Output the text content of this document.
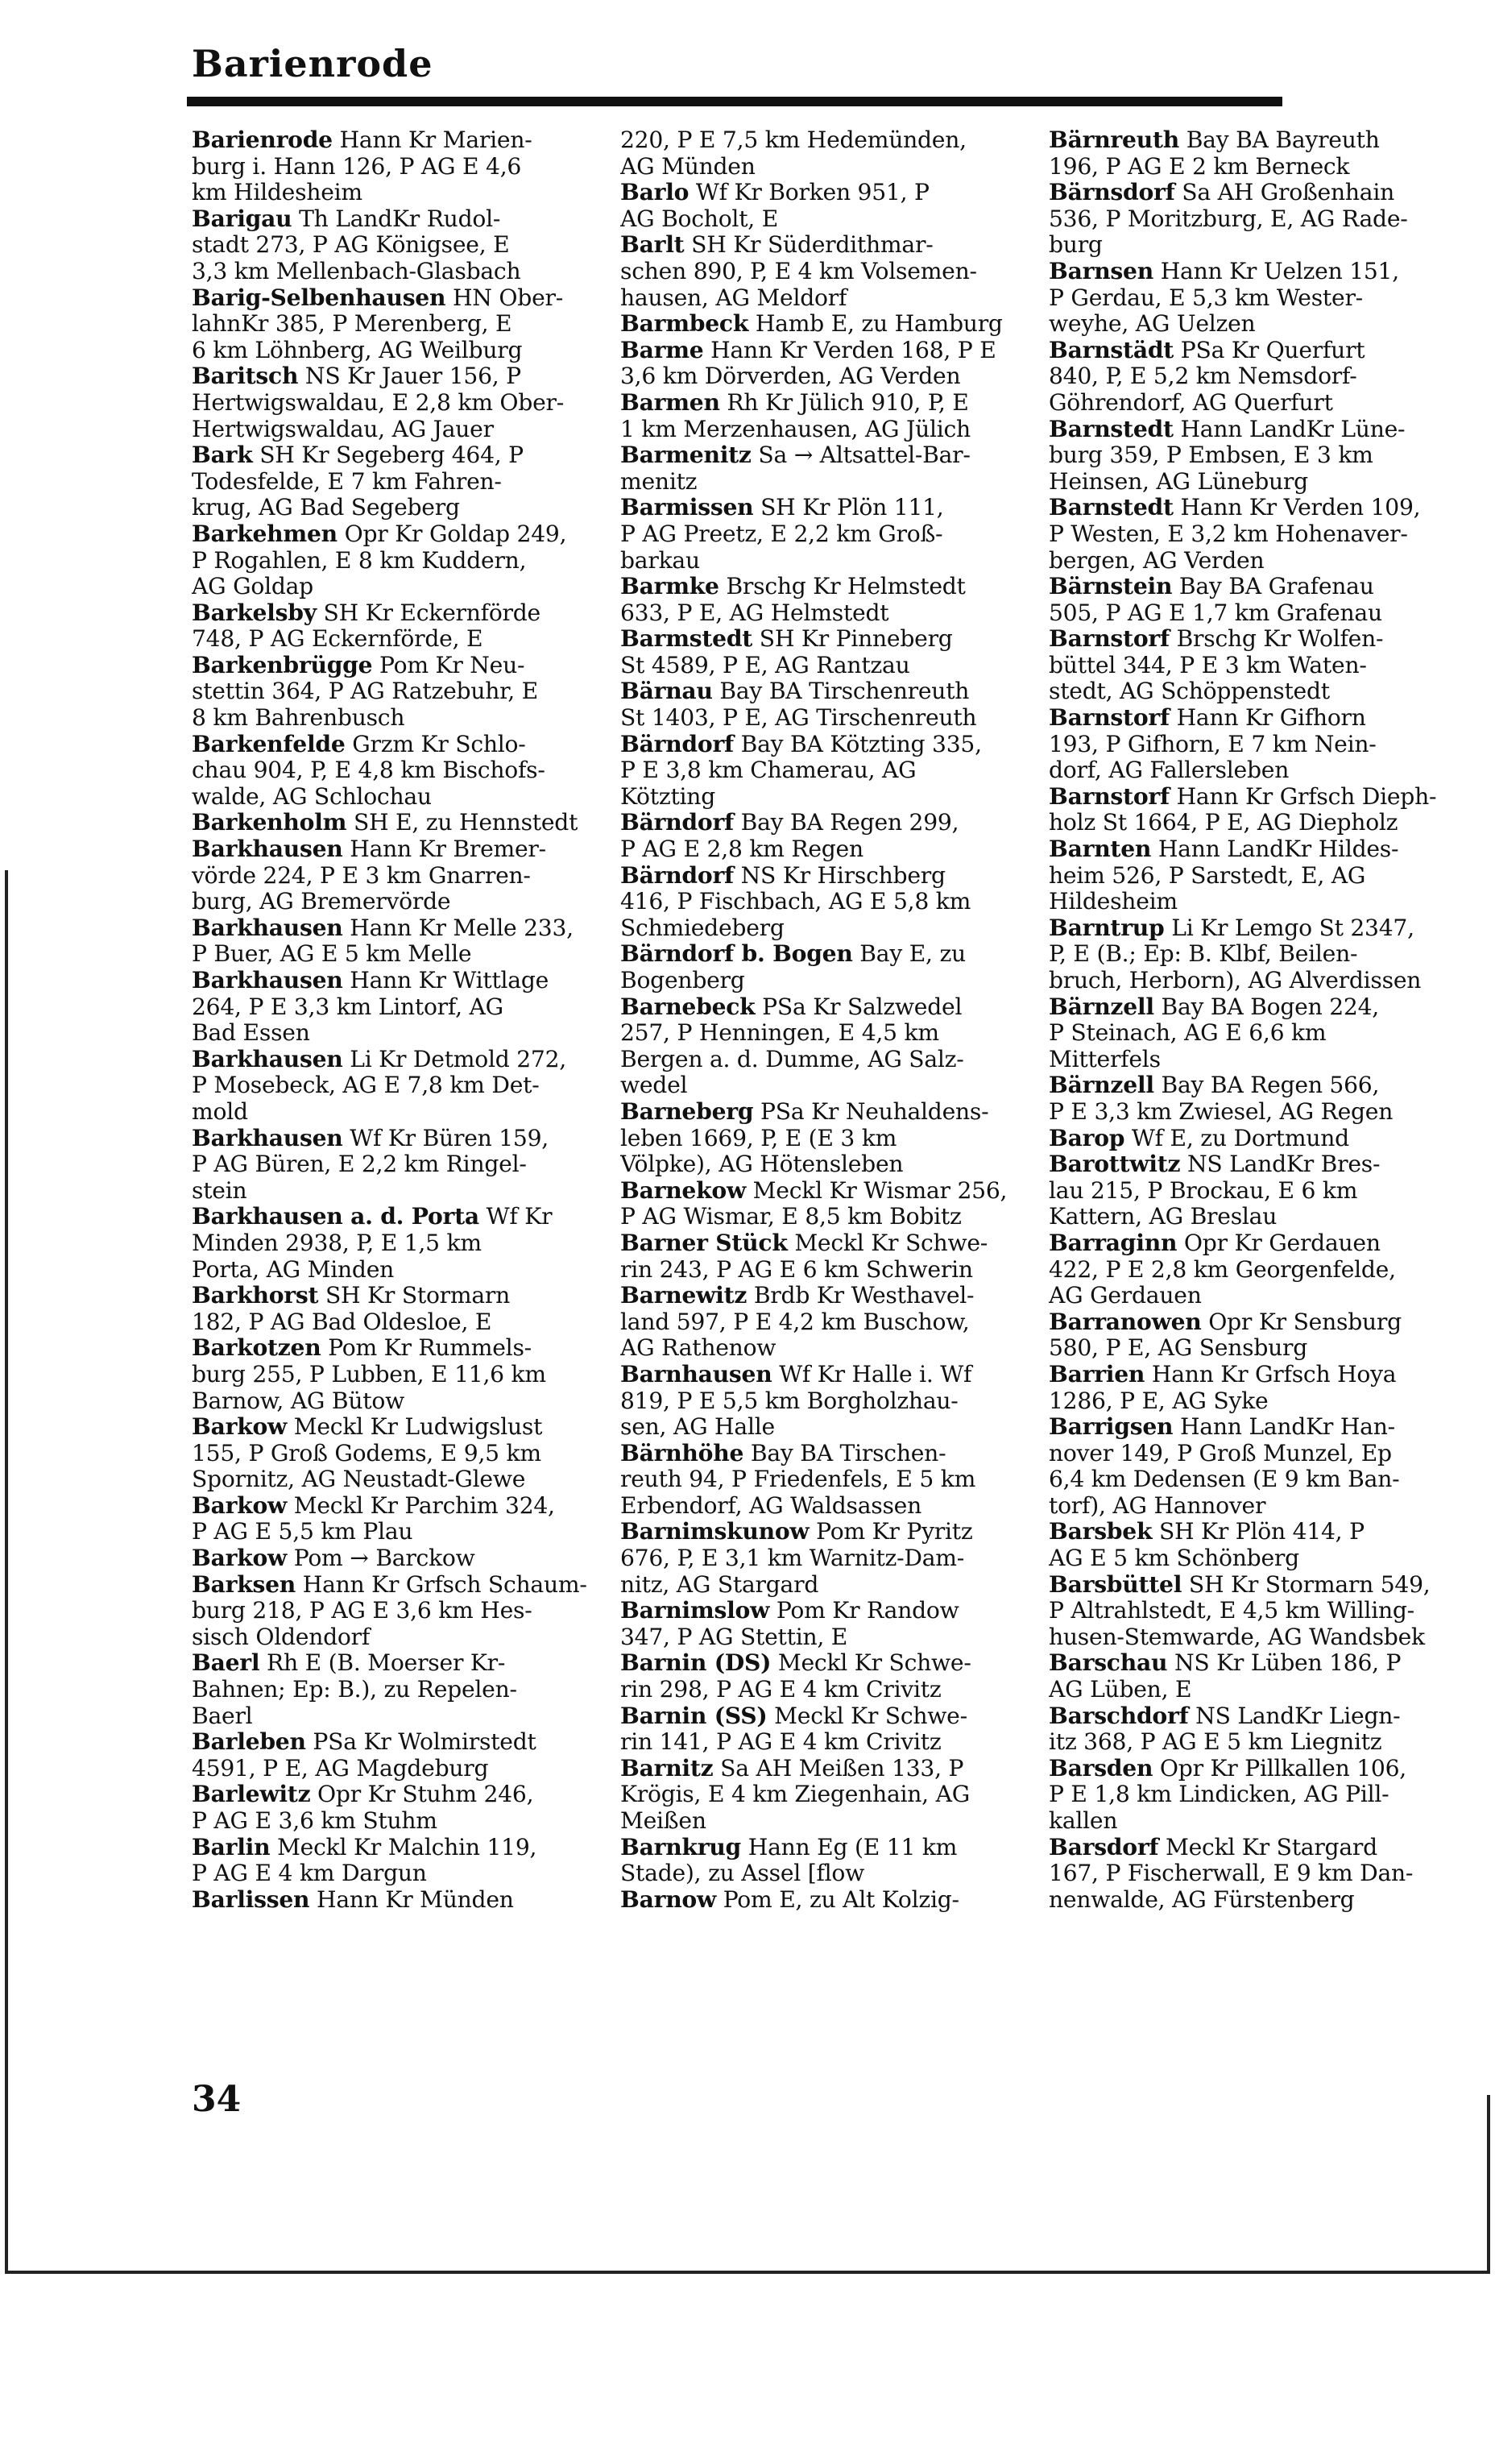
Barienrode
Barienrode Hann Kr Marien-
burg i. Hann 126, P AG E 4,6
km Hildesheim
Barigau Th LandKr Rudol-
stadt 273, P AG Königsee, E
3,3 km Mellenbach-Glasbach
Barig-Selbenhausen HN Ober-
lahnKr 385, P Merenberg, E
6 km Löhnberg, AG Weilburg
Baritsch NS Kr Jauer 156, P
Hertwigswaldau, E 2,8 km Ober-
Hertwigswaldau, AG Jauer
Bark SH Kr Segeberg 464, P
Todesfelde, E 7 km Fahren-
krug, AG Bad Segeberg
Barkehmen Opr Kr Goldap 249,
P Rogahlen, E 8 km Kuddern,
AG Goldap
Barkelsby SH Kr Eckernförde
748, P AG Eckernförde, E
Barkenbrügge Pom Kr Neu-
stettin 364, P AG Ratzebuhr, E
8 km Bahrenbusch
Barkenfelde Grzm Kr Schlo-
chau 904, P, E 4,8 km Bischofs-
walde, AG Schlochau
Barkenholm SH E, zu Hennstedt
Barkhausen Hann Kr Bremer-
vörde 224, P E 3 km Gnarren-
burg, AG Bremervörde
Barkhausen Hann Kr Melle 233,
P Buer, AG E 5 km Melle
Barkhausen Hann Kr Wittlage
264, P E 3,3 km Lintorf, AG
Bad Essen
Barkhausen Li Kr Detmold 272,
P Mosebeck, AG E 7,8 km Det-
mold
Barkhausen Wf Kr Büren 159,
P AG Büren, E 2,2 km Ringel-
stein
Barkhausen a. d. Porta Wf Kr
Minden 2938, P, E 1,5 km
Porta, AG Minden
Barkhorst SH Kr Stormarn
182, P AG Bad Oldesloe, E
Barkotzen Pom Kr Rummels-
burg 255, P Lubben, E 11,6 km
Barnow, AG Bütow
Barkow Meckl Kr Ludwigslust
155, P Groß Godems, E 9,5 km
Spornitz, AG Neustadt-Glewe
Barkow Meckl Kr Parchim 324,
P AG E 5,5 km Plau
Barkow Pom → Barckow
Barksen Hann Kr Grfsch Schaum-
burg 218, P AG E 3,6 km Hes-
sisch Oldendorf
Baerl Rh E (B. Moerser Kr-
Bahnen; Ep: B.), zu Repelen-
Baerl
Barleben PSa Kr Wolmirstedt
4591, P E, AG Magdeburg
Barlewitz Opr Kr Stuhm 246,
P AG E 3,6 km Stuhm
Barlin Meckl Kr Malchin 119,
P AG E 4 km Dargun
Barlissen Hann Kr Münden
220, P E 7,5 km Hedemünden,
AG Münden
Barlo Wf Kr Borken 951, P
AG Bocholt, E
Barlt SH Kr Süderdithmar-
schen 890, P, E 4 km Volsemen-
hausen, AG Meldorf
Barmbeck Hamb E, zu Hamburg
Barme Hann Kr Verden 168, P E
3,6 km Dörverden, AG Verden
Barmen Rh Kr Jülich 910, P, E
1 km Merzenhausen, AG Jülich
Barmenitz Sa → Altsattel-Bar-
menitz
Barmissen SH Kr Plön 111,
P AG Preetz, E 2,2 km Groß-
barkau
Barmke Brschg Kr Helmstedt
633, P E, AG Helmstedt
Barmstedt SH Kr Pinneberg
St 4589, P E, AG Rantzau
Bärnau Bay BA Tirschenreuth
St 1403, P E, AG Tirschenreuth
Bärndorf Bay BA Kötzting 335,
P E 3,8 km Chamerau, AG
Kötzting
Bärndorf Bay BA Regen 299,
P AG E 2,8 km Regen
Bärndorf NS Kr Hirschberg
416, P Fischbach, AG E 5,8 km
Schmiedeberg
Bärndorf b. Bogen Bay E, zu
Bogenberg
Barnebeck PSa Kr Salzwedel
257, P Henningen, E 4,5 km
Bergen a. d. Dumme, AG Salz-
wedel
Barneberg PSa Kr Neuhaldens-
leben 1669, P, E (E 3 km
Völpke), AG Hötensleben
Barnekow Meckl Kr Wismar 256,
P AG Wismar, E 8,5 km Bobitz
Barner Stück Meckl Kr Schwe-
rin 243, P AG E 6 km Schwerin
Barnewitz Brdb Kr Westhavel-
land 597, P E 4,2 km Buschow,
AG Rathenow
Barnhausen Wf Kr Halle i. Wf
819, P E 5,5 km Borgholzhau-
sen, AG Halle
Bärnhöhe Bay BA Tirschen-
reuth 94, P Friedenfels, E 5 km
Erbendorf, AG Waldsassen
Barnimskunow Pom Kr Pyritz
676, P, E 3,1 km Warnitz-Dam-
nitz, AG Stargard
Barnimslow Pom Kr Randow
347, P AG Stettin, E
Barnin (DS) Meckl Kr Schwe-
rin 298, P AG E 4 km Crivitz
Barnin (SS) Meckl Kr Schwe-
rin 141, P AG E 4 km Crivitz
Barnitz Sa AH Meißen 133, P
Krögis, E 4 km Ziegenhain, AG
Meißen
Barnkrug Hann Eg (E 11 km
Stade), zu Assel [flow
Barnow Pom E, zu Alt Kolzig-
Bärnreuth Bay BA Bayreuth
196, P AG E 2 km Berneck
Bärnsdorf Sa AH Großenhain
536, P Moritzburg, E, AG Rade-
burg
Barnsen Hann Kr Uelzen 151,
P Gerdau, E 5,3 km Wester-
weyhe, AG Uelzen
Barnstädt PSa Kr Querfurt
840, P, E 5,2 km Nemsdorf-
Göhrendorf, AG Querfurt
Barnstedt Hann LandKr Lüne-
burg 359, P Embsen, E 3 km
Heinsen, AG Lüneburg
Barnstedt Hann Kr Verden 109,
P Westen, E 3,2 km Hohenaver-
bergen, AG Verden
Bärnstein Bay BA Grafenau
505, P AG E 1,7 km Grafenau
Barnstorf Brschg Kr Wolfen-
büttel 344, P E 3 km Waten-
stedt, AG Schöppenstedt
Barnstorf Hann Kr Gifhorn
193, P Gifhorn, E 7 km Nein-
dorf, AG Fallersleben
Barnstorf Hann Kr Grfsch Dieph-
holz St 1664, P E, AG Diepholz
Barnten Hann LandKr Hildes-
heim 526, P Sarstedt, E, AG
Hildesheim
Barntrup Li Kr Lemgo St 2347,
P, E (B.; Ep: B. Klbf, Beilen-
bruch, Herborn), AG Alverdissen
Bärnzell Bay BA Bogen 224,
P Steinach, AG E 6,6 km
Mitterfels
Bärnzell Bay BA Regen 566,
P E 3,3 km Zwiesel, AG Regen
Barop Wf E, zu Dortmund
Barottwitz NS LandKr Bres-
lau 215, P Brockau, E 6 km
Kattern, AG Breslau
Barraginn Opr Kr Gerdauen
422, P E 2,8 km Georgenfelde,
AG Gerdauen
Barranowen Opr Kr Sensburg
580, P E, AG Sensburg
Barrien Hann Kr Grfsch Hoya
1286, P E, AG Syke
Barrigsen Hann LandKr Han-
nover 149, P Groß Munzel, Ep
6,4 km Dedensen (E 9 km Ban-
torf), AG Hannover
Barsbek SH Kr Plön 414, P
AG E 5 km Schönberg
Barsbüttel SH Kr Stormarn 549,
P Altrahlstedt, E 4,5 km Willing-
husen-Stemwarde, AG Wandsbek
Barschau NS Kr Lüben 186, P
AG Lüben, E
Barschdorf NS LandKr Liegn-
itz 368, P AG E 5 km Liegnitz
Barsden Opr Kr Pillkallen 106,
P E 1,8 km Lindicken, AG Pill-
kallen
Barsdorf Meckl Kr Stargard
167, P Fischerwall, E 9 km Dan-
nenwalde, AG Fürstenberg
34
